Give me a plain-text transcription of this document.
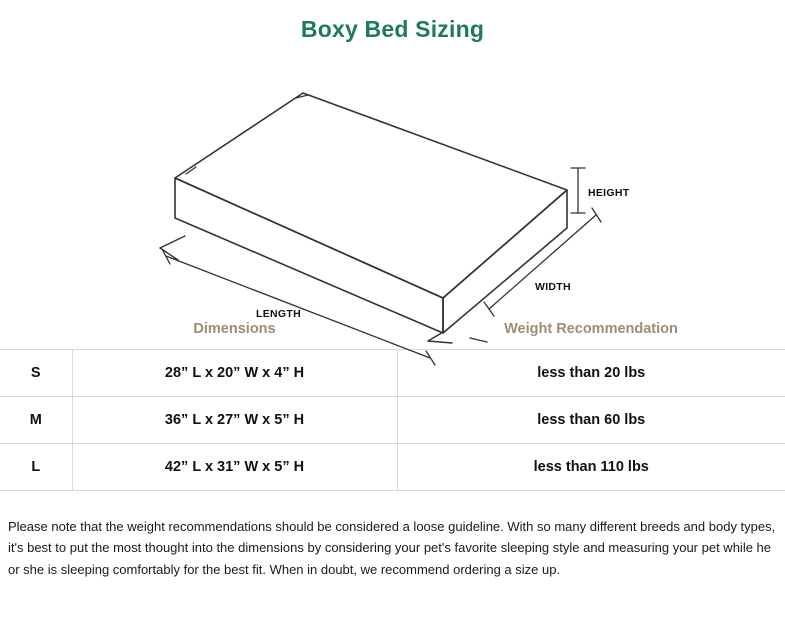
Boxy Bed Sizing
HEIGHT
WIDTH
LENGTH
	Dimensions	Weight Recommendation
S	28” L x 20” W x 4” H	less than 20 lbs
M	36” L x 27” W x 5” H	less than 60 lbs
L	42” L x 31” W x 5” H	less than 110 lbs

Please note that the weight recommendations should be considered a loose guideline. With so many different breeds and body types, it's best to put the most thought into the dimensions by considering your pet's favorite sleeping style and measuring your pet while he or she is sleeping comfortably for the best fit. When in doubt, we recommend ordering a size up.
